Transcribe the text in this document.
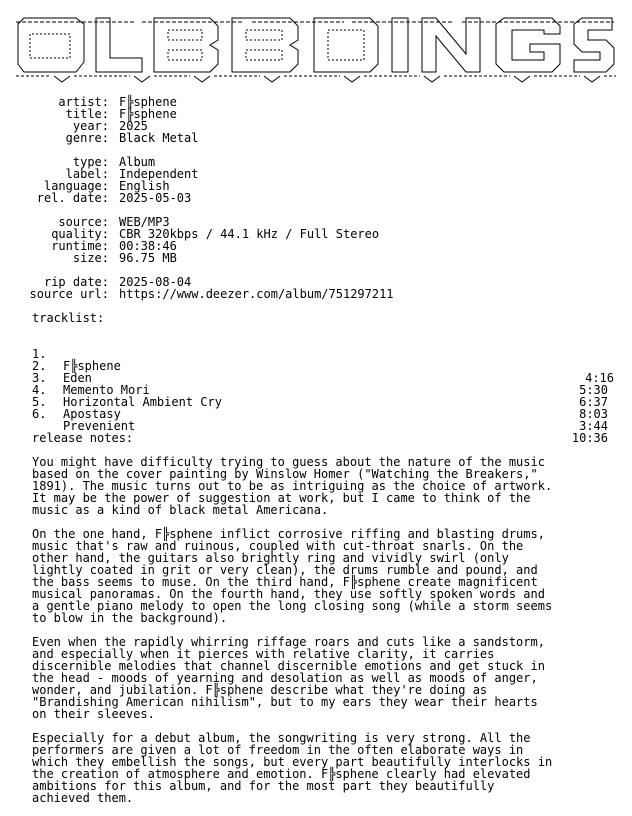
artist:

F╠sphene

title:

F╠sphene

year:

2025

genre:

Black Metal

type:

Album

label:

Independent

language:

English

rel. date:

2025-05-03

source:

WEB/MP3

quality:

CBR 320kbps / 44.1 kHz / Full Stereo

runtime:

00:38:46

size:

96.75 MB

rip date:

2025-08-04

source url:

https://www.deezer.com/album/751297211

tracklist:

1.

F╠sphene

4:16

2.

Eden

5:30

3.

Memento Mori

6:37

4.

Horizontal Ambient Cry

8:03

5.

Apostasy

3:44

6.

Prevenient

10:36

release notes:
You might have difficulty trying to guess about the nature of the music
based on the cover painting by Winslow Homer ("Watching the Breakers,"
1891). The music turns out to be as intriguing as the choice of artwork.
It may be the power of suggestion at work, but I came to think of the
music as a kind of black metal Americana.
On the one hand, F╠sphene inflict corrosive riffing and blasting drums,
music that's raw and ruinous, coupled with cut-throat snarls. On the
other hand, the guitars also brightly ring and vividly swirl (only
lightly coated in grit or very clean), the drums rumble and pound, and
the bass seems to muse. On the third hand, F╠sphene create magnificent
musical panoramas. On the fourth hand, they use softly spoken words and
a gentle piano melody to open the long closing song (while a storm seems
to blow in the background).
Even when the rapidly whirring riffage roars and cuts like a sandstorm,
and especially when it pierces with relative clarity, it carries
discernible melodies that channel discernible emotions and get stuck in
the head - moods of yearning and desolation as well as moods of anger,
wonder, and jubilation. F╠sphene describe what they're doing as
"Brandishing American nihilism", but to my ears they wear their hearts
on their sleeves.
Especially for a debut album, the songwriting is very strong. All the
performers are given a lot of freedom in the often elaborate ways in
which they embellish the songs, but every part beautifully interlocks in
the creation of atmosphere and emotion. F╠sphene clearly had elevated
ambitions for this album, and for the most part they beautifully
achieved them.
